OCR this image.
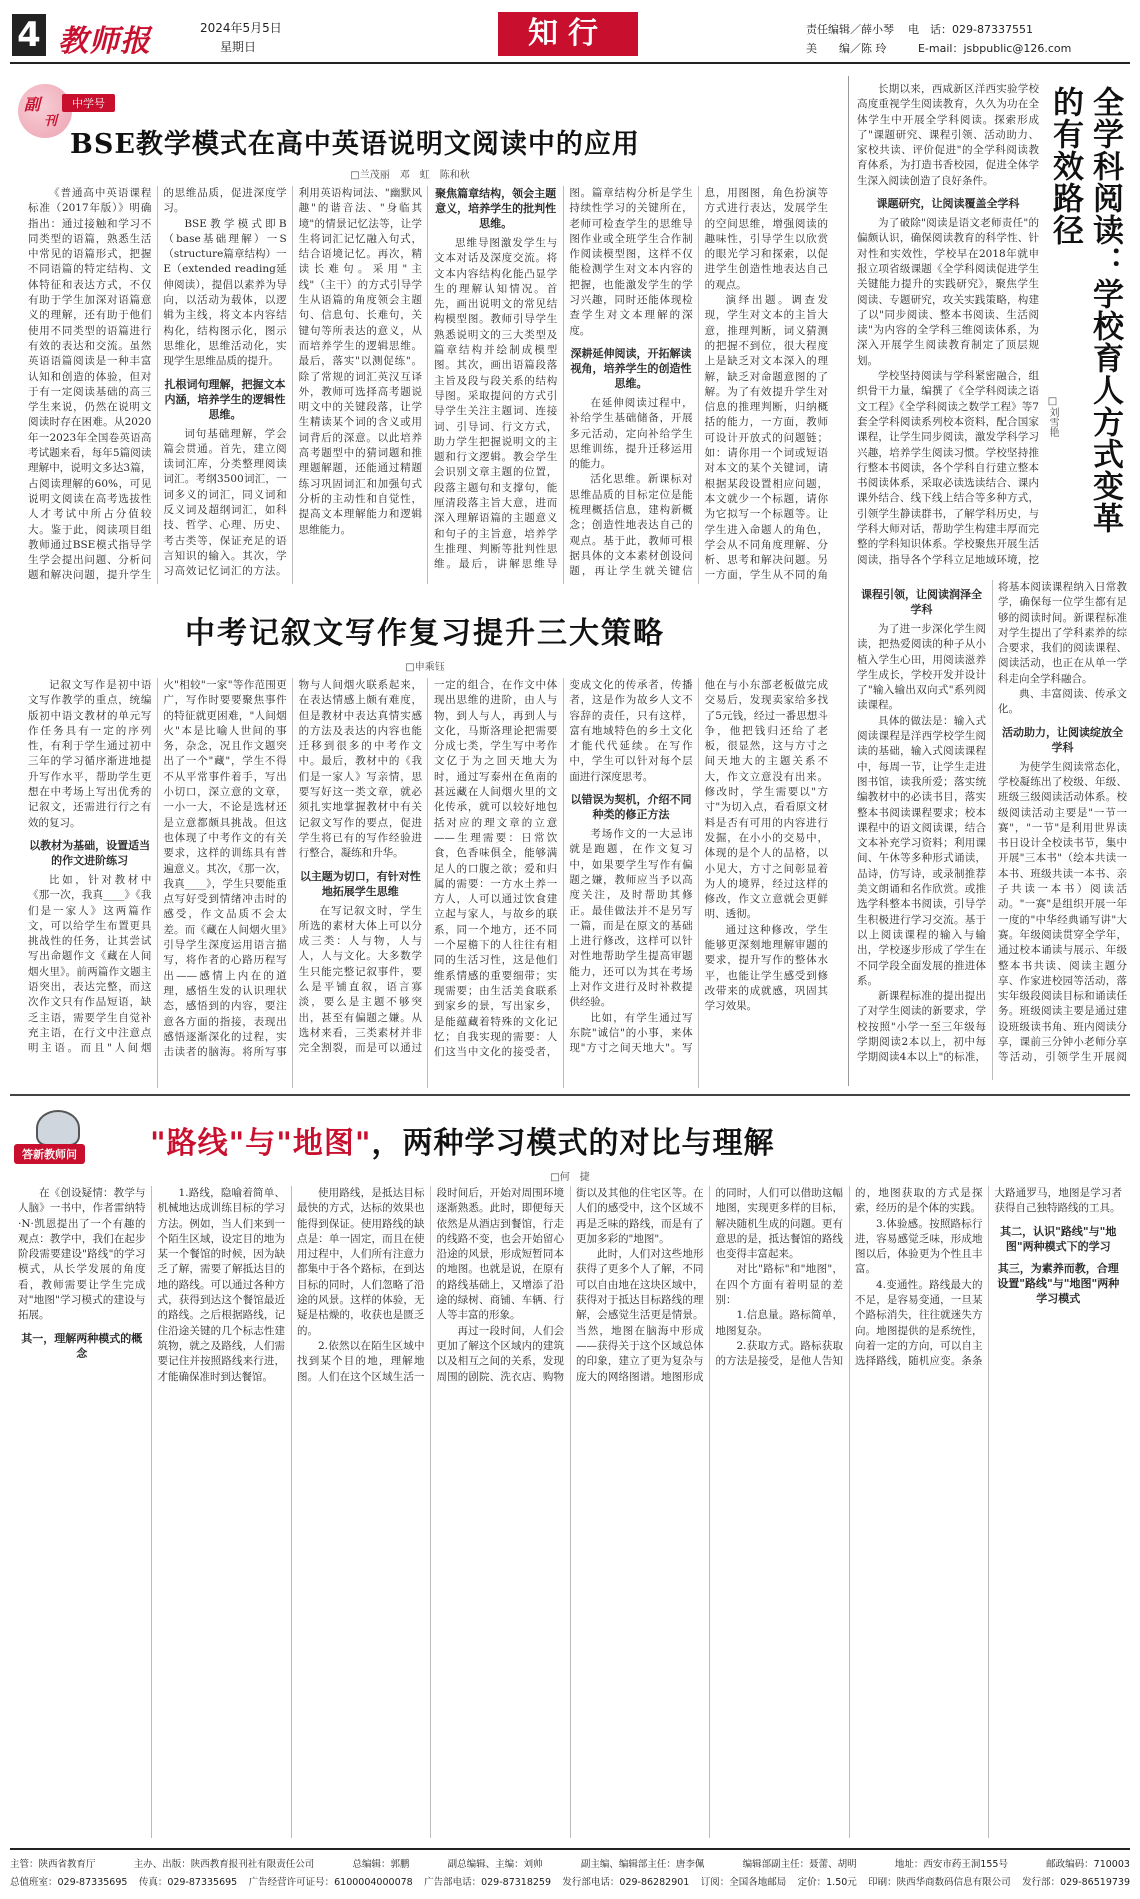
4 教师报	2024年5月5日
星期日	知行	责任编辑／薛小琴 电　话：029-87337551
美　　编／陈 玲	E-mail：jsbpublic@126.com
副
刊
中学号
BSE教学模式在高中英语说明文阅读中的应用
□兰茂丽　邓　虹　陈和秋

《普通高中英语课程标准（2017年版）》明确指出：通过接触和学习不同类型的语篇，熟悉生活中常见的语篇形式，把握不同语篇的特定结构、文体特征和表达方式，不仅有助于学生加深对语篇意义的理解，还有助于他们使用不同类型的语篇进行有效的表达和交流。虽然英语语篇阅读是一种丰富认知和创造的体验，但对于有一定阅读基础的高三学生来说，仍然在说明文阅读时存在困难。从2020年一2023年全国卷英语高考试题来看，每年5篇阅读理解中，说明文多达3篇，占阅读理解的60%，可见说明文阅读在高考选拔性人才考试中所占分值较大。鉴于此，阅读项目组教师通过BSE模式指导学生学会提出问题、分析问题和解决问题，提升学生的思维品质，促进深度学习。

BSE教学模式即B（base基础理解）一S（structure篇章结构）一E（extended reading延伸阅读），提倡以素养为导向，以活动为载体，以逻辑为主线，将文本内容结构化，结构图示化，图示思维化，思维活动化，实现学生思维品质的提升。

扎根词句理解，把握文本内涵，培养学生的逻辑性思维。

词句基础理解，学会篇会贯通。首先，建立阅读词汇库，分类整理阅读词汇。考纲3500词汇，一词多义的词汇，同义词和反义词及超纲词汇，如科技、哲学、心理、历史、考古类等，保证充足的语言知识的输入。其次，学习高效记忆词汇的方法。利用英语构词法、"幽默风趣"的谐音法、"身临其境"的情景记忆法等，让学生将词汇记忆融入句式，结合语境记忆。再次，精读长难句。采用"主线"（主干）的方式引导学生从语篇的角度领会主题句、信息句、长难句，关键句等所表达的意义，从而培养学生的逻辑思维。最后，落实"以测促练"。除了常规的词汇英汉互译外，教师可选择高考题说明文中的关键段落，让学生精读某个词的含义或用词背后的深意。以此培养高考题型中的猜词题和推理题解题，还能通过精题练习巩固词汇和加强句式分析的主动性和自觉性，提高文本理解能力和逻辑思维能力。

聚焦篇章结构，领会主题意义，培养学生的批判性思维。

思维导图激发学生与文本对话及深度交流。将文本内容结构化能凸显学生的理解认知情况。首先，画出说明文的常见结构模型图。教师引导学生熟悉说明文的三大类型及篇章结构并绘制成模型图。其次，画出语篇段落主旨及段与段关系的结构导图。采取提问的方式引导学生关注主题词、连接词、引导词、行文方式，助力学生把握说明文的主题和行文逻辑。教会学生会识别文章主题的位置，段落主题句和支撑句，能厘清段落主旨大意，进而深入理解语篇的主题意义和句子的主旨意，培养学生推理、判断等批判性思维。最后，讲解思维导图。篇章结构分析是学生持续性学习的关键所在，老师可检查学生的思维导图作业或全班学生合作制作阅读模型图，这样不仅能检测学生对文本内容的把握，也能激发学生的学习兴趣，同时还能体现检查学生对文本理解的深度。

深耕延伸阅读，开拓解读视角，培养学生的创造性思维。

在延伸阅读过程中，补给学生基础储备，开展多元活动，定向补给学生思维训练，提升迁移运用的能力。

活化思维。新课标对思维品质的目标定位是能梳理概括信息，建构新概念；创造性地表达自己的观点。基于此，教师可根据具体的文本素材创设问题，再让学生就关键信息，用图图，角色扮演等方式进行表达，发展学生的空间思维，增强阅读的趣味性，引导学生以欣赏的眼光学习和探索，以促进学生创造性地表达自己的观点。

演绎出题。调查发现，学生对文本的主旨大意，推理判断，词义猜测的把握不到位，很大程度上是缺乏对文本深入的理解，缺乏对命题意图的了解。为了有效提升学生对信息的推理判断，归纳概括的能力，一方面，教师可设计开放式的问题链；如：请你用一个词或短语对本文的某个关键词，请根据某段设置相应问题，本文就少一个标题，请你为它拟写一个标题等。让学生进入命题人的角色，学会从不同角度理解、分析、思考和解决问题。另一方面，学生从不同的角

中考记叙文写作复习提升三大策略
□申乘钰

记叙文写作是初中语文写作教学的重点，统编版初中语文教材的单元写作任务具有一定的序列性，有利于学生通过初中三年的学习循序渐进地提升写作水平，帮助学生更想在中考场上写出优秀的记叙文，还需进行行之有效的复习。

以教材为基础，设置适当的作文进阶练习

比如，针对教材中《那一次，我真____》《我们是一家人》这两篇作文，可以给学生布置更具挑战性的任务，让其尝试写出命题作文《藏在人间烟火里》。前两篇作文题主语突出，表达完整，而这次作文只有作品短语，缺乏主语，需要学生自觉补充主语，在行文中注意点明主语。而且"人间烟火"相较"一家"等作范围更广，写作时要要聚焦事件的特征就更困难，"人间烟火"本是比喻人世间的事务，杂念，况且作文题突出了一个"藏"，学生不得不从平常事件着手，写出小切口，深立意的文章，一小一大，不论是选材还是立意都颇具挑战。但这也体现了中考作文的有关要求，这样的训练具有普遍意义。其次，《那一次，我真____》，学生只要能重点写好受到情绪冲击时的感受，作文品质不会太差。而《藏在人间烟火里》引导学生深度运用语言描写，将作者的心路历程写出——感情上内在的道理，感悟生发的认识理状态，感悟到的内容，要注意各方面的指接，表现出感悟逐渐深化的过程，实击读者的脑海。将所写事物与人间烟火联系起来，在表达情感上颇有难度，但是教材中表达真情实感的方法及表达的内容也能迁移到很多的中考作文中。最后，教材中的《我们是一家人》写亲情，思要写好这一类文章，就必须扎实地掌握教材中有关记叙文写作的要点，促进学生将已有的写作经验进行整合，凝练和升华。

以主题为切口，有针对性地拓展学生思维

在写记叙文时，学生所选的素材大体上可以分成三类：人与物，人与人，人与文化。大多数学生只能完整记叙事件，要么是平铺直叙，语言寡淡，要么是主题不够突出，甚至有偏题之嫌。从选材来看，三类素材并非完全割裂，而是可以通过一定的组合，在作文中体现出思维的进阶，由人与物，到人与人，再到人与文化，马斯洛理论把需要分成七类，学生写中考作文亿于为之回天地大为时，通过写泰州在鱼南的甚远藏在人间烟火里的文化传承，就可以较好地包括对应的理文章的立意——生理需要：日常饮食，色香味俱全，能够满足人的口腹之欲；爱和归属的需要：一方水土养一方人，人可以通过饮食建立起与家人，与故乡的联系，同一个地方，还不同一个屋檐下的人往往有相同的生活习性，这是他们维系情感的重要细带；实现需要；由生活美食联系到家乡的景，写出家乡，是能蕴藏着特殊的文化记忆；自我实现的需要：人们这当中文化的接受者，变成文化的传承者，传播者，这是作为故乡人文不容辞的责任，只有这样，富有地域特色的乡土文化才能代代延续。在写作中，学生可以针对每个层面进行深度思考。

以错误为契机，介绍不同种类的修正方法

考场作文的一大忌讳就是跑题，在作文复习中，如果要学生写作有偏题之嫌，教师应当予以高度关注，及时帮助其修正。最佳做法并不是另写一篇，而是在原文的基础上进行修改，这样可以针对性地帮助学生提高审题能力，还可以为其在考场上对作文进行及时补救提供经验。

比如，有学生通过写东院"诚信"的小事，来体现"方寸之间天地大"。写他在与小东部老板做完成交易后，发现卖家给多找了5元钱，经过一番思想斗争，他把钱归还给了老板，很显然，这与方寸之间天地大的主题关系不大，作文立意没有出来。修改时，学生需要以"方寸"为切入点，看看原文材料是否有可用的内容进行发掘，在小小的交易中，体现的是个人的品格，以小见大，方寸之间彰显着为人的境界，经过这样的修改，作文立意就会更鲜明、透彻。

通过这种修改，学生能够更深刻地理解审题的要求，提升写作的整体水平，也能让学生感受到修改带来的成就感，巩固其学习效果。

全学科阅读：学校育人方式变革的有效路径
□刘雪艳

长期以来，西咸新区洋西实验学校高度重视学生阅读教育，久久为功在全体学生中开展全学科阅读。探索形成了"课题研究、课程引领、活动助力、家校共读、评价促进"的全学科阅读教育体系，为打造书香校园，促进全体学生深入阅读创造了良好条件。

课题研究，让阅读覆盖全学科

为了破除"阅读是语文老师责任"的偏颇认识，确保阅读教育的科学性、针对性和实效性，学校早在2018年就申报立项省级课题《全学科阅读促进学生关键能力提升的实践研究》，聚焦学生阅读、专题研究，攻关实践策略，构建了以"同步阅读、整本书阅读、生活阅读"为内容的全学科三维阅读体系，为深入开展学生阅读教育制定了顶层规划。

学校坚持阅读与学科紧密融合，组织骨干力量，编撰了《全学科阅读之语文工程》《全学科阅读之数学工程》等7套全学科阅读系列校本资料，配合国家课程，让学生同步阅读，激发学科学习兴趣，培养学生阅读习惯。学校坚持推行整本书阅读，各个学科自行建立整本书阅读体系，采取必读选读结合、课内课外结合、线下线上结合等多种方式，引领学生静读群书，了解学科历史，与学科大师对话，帮助学生构建丰厚而完整的学科知识体系。学校聚焦开展生活阅读，指导各个学科立足地域环境，挖

课程引领，让阅读润泽全学科

为了进一步深化学生阅读，把热爱阅读的种子从小植入学生心田，用阅读滋养学生成长，学校开发并设计了"输入输出双向式"系列阅读课程。

具体的做法是：输入式阅读课程是洋西学校学生阅读的基础，输入式阅读课程中，每周一节，让学生走进图书馆，读我所爱；落实统编教材中的必读书目，落实整本书阅读课程要求；校本课程中的语文阅读课，结合文本补充学习资料；利用课间、午休等多种形式诵读，品诗，仿写诗，或录制推荐美文朗诵和名作欣赏。或推选学科整本书阅读，引导学生积极进行学习交流。基于以上阅读课程的输入与输出，学校逐步形成了学生在不同学段全面发展的推进体系。

新课程标准的提出提出了对学生阅读的新要求，学校按照"小学一至三年级每学期阅读2本以上，初中每学期阅读4本以上"的标准，将基本阅读课程纳入日常教学，确保每一位学生都有足够的阅读时间。新课程标准对学生提出了学科素养的综合要求，我们的阅读课程、阅读活动，也正在从单一学科走向全学科融合。

典、丰富阅读、传承文化。

活动助力，让阅读绽放全学科

为使学生阅读常态化，学校凝练出了校级、年级、班级三级阅读活动体系。校级阅读活动主要是"一节一赛"，"一节"是利用世界读书日设计全校读书节，集中开展"三本书"（绘本共读一本书、班级共读一本书、亲子共读一本书）阅读活动。"一赛"是组织开展一年一度的"中华经典诵写讲"大赛。年级阅读贯穿全学年，通过校本诵读与展示、年级整本书共读、阅读主题分享、作家进校园等活动，落实年级段阅读目标和诵读任务。班级阅读主要是通过建设班级读书角、班内阅读分享，课前三分钟小老师分享等活动，引领学生开展阅

答新教师问 "路线"与"地图"，两种学习模式的对比与理解
□何　捷

在《创设疑情：教学与人脑》一书中，作者雷纳特·N·凯恩提出了一个有趣的观点：教学中，我们在起步阶段需要建设"路线"的学习模式，从长学发展的角度看，教师需要让学生完成对"地图"学习模式的建设与拓展。

其一，理解两种模式的概念

1.路线，隐喻着简单、机械地达成训练目标的学习方法。例如，当人们来到一个陌生区域，设定目的地为某一个餐馆的时候，因为缺乏了解，需要了解抵达目的地的路线。可以通过各种方式，获得到达这个餐馆最近的路线。之后根据路线，记住沿途关键的几个标志性建筑物，就之及路线，人们需要记住并按照路线来行进，才能确保准时到达餐馆。

使用路线，是抵达目标最快的方式，达标的效果也能得到保证。使用路线的缺点是：单一固定，而且在使用过程中，人们所有注意力都集中于各个路标，在到达目标的同时，人们忽略了沿途的风景。这样的体验，无疑是枯燥的，收获也是匮乏的。

2.依然以在陌生区域中找到某个目的地，理解地图。人们在这个区域生活一段时间后，开始对周围环境逐渐熟悉。此时，即便每天依然是从酒店到餐馆，行走的线路不变，也会开始留心沿途的风景，形成短暂同本的地图。也就是说，在原有的路线基础上，又增添了沿途的绿树、商铺、车辆、行人等丰富的形象。

再过一段时间，人们会更加了解这个区域内的建筑以及相互之间的关系，发现周围的剧院、洗衣店、购物街以及其他的住宅区等。在人们的感受中，这个区域不再是乏味的路线，而是有了更加多彩的"地图"。

此时，人们对这些地形获得了更多个人了解，不同可以自由地在这块区域中，获得对于抵达目标路线的理解，会感觉生活更是情景。当然，地图在脑海中形成——获得关于这个区域总体的印象，建立了更为复杂与庞大的网络图谱。地图形成的同时，人们可以借助这幅地图，实现更多样的目标，解决随机生成的问题。更有意思的是，抵达餐馆的路线也变得丰富起来。

对比"路标"和"地图"，在四个方面有着明显的差别：

1.信息量。路标简单，地图复杂。

2.获取方式。路标获取的方法是接受，是他人告知的，地图获取的方式是探索，经历的是个体的实践。

3.体验感。按照路标行进，容易感觉乏味，形成地图以后，体验更为个性且丰富。

4.变通性。路线最大的不足，是容易变通，一旦某个路标消失，往往就迷失方向。地图提供的是系统性，向着一定的方向，可以自主选择路线，随机应变。条条大路通罗马，地图是学习者获得自己独特路线的工具。

其二，认识"路线"与"地图"两种模式下的学习
其三，为素养而教，合理设置"路线"与"地图"两种学习模式
主管：陕西省教育厅	主办、出版：陕西教育报刊社有限责任公司	总编辑：郭鹏	副总编辑、主编：刘帅	副主编、编辑部主任：唐李佩	编辑部副主任：聂蕾、胡明	地址：西安市药王洞155号	邮政编码：710003
总值班室：029-87335695 传真：029-87335695 广告经营许可证号：6100004000078 广告部电话：029-87318259 发行部电话：029-86282901 订阅：全国各地邮局 定价：1.50元 印刷：陕西华商数码信息有限公司 发行部：029-86519739
